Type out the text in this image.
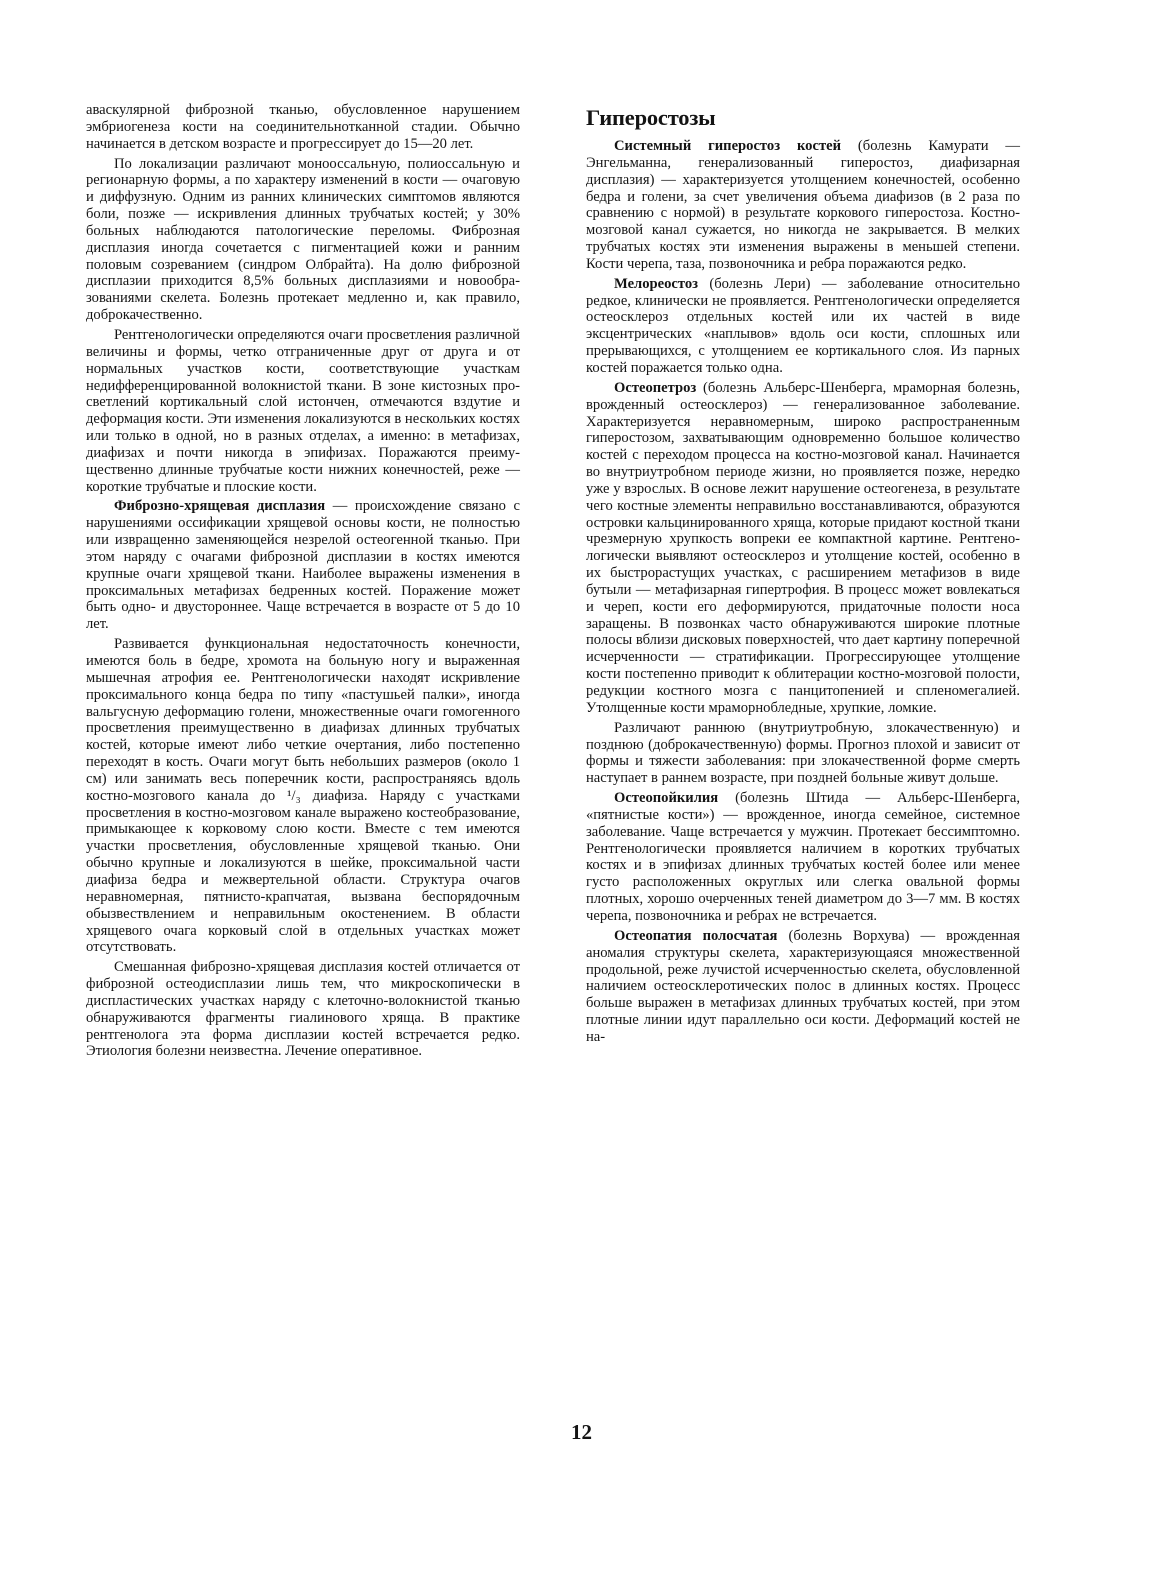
аваскулярной фиброзной тканью, обусловленное нарушением эмбриогенеза кости на соединительнотканной стадии. Обычно начинается в детском возрасте и прогрессирует до 15—20 лет.

По локализации различают монооссальную, полиоссальную и регионарную формы, а по характеру изменений в кости — очаговую и диффузную. Одним из ранних клинических симптомов являются боли, позже — искривления длинных трубчатых костей; у 30% больных наблюдаются патологические переломы. Фиброзная дисплазия иногда сочетается с пигментацией кожи и ранним половым созреванием (синдром Олбрайта). На долю фиброзной дисплазии приходится 8,5% больных дисплазиями и новообразованиями скелета. Болезнь протекает медленно и, как правило, доброкачественно.

Рентгенологически определяются очаги просветления различной величины и формы, четко отграниченные друг от друга и от нормальных участков кости, соответствующие участкам недифференцированной волокнистой ткани. В зоне кистозных просветлений кортикальный слой истончен, отмечаются вздутие и деформация кости. Эти изменения локализуются в нескольких костях или только в одной, но в разных отделах, а именно: в метафизах, диафизах и почти никогда в эпифизах. Поражаются преимущественно длинные трубчатые кости нижних конечностей, реже — короткие трубчатые и плоские кости.

Фиброзно-хрящевая дисплазия — происхождение связано с нарушениями оссификации хрящевой основы кости, не полностью или извращенно заменяющейся незрелой остеогенной тканью. При этом наряду с очагами фиброзной дисплазии в костях имеются крупные очаги хрящевой ткани. Наиболее выражены изменения в проксимальных метафизах бедренных костей. Поражение может быть одно- и двустороннее. Чаще встречается в возрасте от 5 до 10 лет.

Развивается функциональная недостаточность конечности, имеются боль в бедре, хромота на больную ногу и выраженная мышечная атрофия ее. Рентгенологически находят искривление проксимального конца бедра по типу «пастушьей палки», иногда вальгусную деформацию голени, множественные очаги гомогенного просветления преимущественно в диафизах длинных трубчатых костей, которые имеют либо четкие очертания, либо постепенно переходят в кость. Очаги могут быть небольших размеров (около 1 см) или занимать весь поперечник кости, распространяясь вдоль костно-мозгового канала до ¹/₃ диафиза. Наряду с участками просветления в костно-мозговом канале выражено костеобразование, примыкающее к корковому слою кости. Вместе с тем имеются участки просветления, обусловленные хрящевой тканью. Они обычно крупные и локализуются в шейке, проксимальной части диафиза бедра и межвертельной области. Структура очагов неравномерная, пятнисто-крапчатая, вызвана беспорядочным обызвествлением и неправильным окостенением. В области хрящевого очага корковый слой в отдельных участках может отсутствовать.

Смешанная фиброзно-хрящевая дисплазия костей отличается от фиброзной остеодисплазии лишь тем, что микроскопически в диспластических участках наряду с клеточно-волокнистой тканью обнаруживаются фрагменты гиалинового хряща. В практике рентгенолога эта форма дисплазии костей встречается редко. Этиология болезни неизвестна. Лечение оперативное.

Гиперостозы

Системный гиперостоз костей (болезнь Камурати — Энгельманна, генерализованный гиперостоз, диафизарная дисплазия) — характеризуется утолщением конечностей, особенно бедра и голени, за счет увеличения объема диафизов (в 2 раза по сравнению с нормой) в результате коркового гиперостоза. Костно-мозговой канал сужается, но никогда не закрывается. В мелких трубчатых костях эти изменения выражены в меньшей степени. Кости черепа, таза, позвоночника и ребра поражаются редко.

Мелореостоз (болезнь Лери) — заболевание относительно редкое, клинически не проявляется. Рентгенологически определяется остеосклероз отдельных костей или их частей в виде эксцентрических «наплывов» вдоль оси кости, сплошных или прерывающихся, с утолщением ее кортикального слоя. Из парных костей поражается только одна.

Остеопетроз (болезнь Альберс-Шенберга, мраморная болезнь, врожденный остеосклероз) — генерализованное заболевание. Характеризуется неравномерным, широко распространенным гиперостозом, захватывающим одновременно большое количество костей с переходом процесса на костно-мозговой канал. Начинается во внутриутробном периоде жизни, но проявляется позже, нередко уже у взрослых. В основе лежит нарушение остеогенеза, в результате чего костные элементы неправильно восстанавливаются, образуются островки кальцинированного хряща, которые придают костной ткани чрезмерную хрупкость вопреки ее компактной картине. Рентгенологически выявляют остеосклероз и утолщение костей, особенно в их быстрорастущих участках, с расширением метафизов в виде бутыли — метафизарная гипертрофия. В процесс может вовлекаться и череп, кости его деформируются, придаточные полости носа заращены. В позвонках часто обнаруживаются широкие плотные полосы вблизи дисковых поверхностей, что дает картину поперечной исчерченности — стратификации. Прогрессирующее утолщение кости постепенно приводит к облитерации костно-мозговой полости, редукции костного мозга с панцитопенией и спленомегалией. Утолщенные кости мраморнобледные, хрупкие, ломкие.

Различают раннюю (внутриутробную, злокачественную) и позднюю (доброкачественную) формы. Прогноз плохой и зависит от формы и тяжести заболевания: при злокачественной форме смерть наступает в раннем возрасте, при поздней больные живут дольше.

Остеопойкилия (болезнь Штида — Альберс-Шенберга, «пятнистые кости») — врожденное, иногда семейное, системное заболевание. Чаще встречается у мужчин. Протекает бессимптомно. Рентгенологически проявляется наличием в коротких трубчатых костях и в эпифизах длинных трубчатых костей более или менее густо расположенных округлых или слегка овальной формы плотных, хорошо очерченных теней диаметром до 3—7 мм. В костях черепа, позвоночника и ребрах не встречается.

Остеопатия полосчатая (болезнь Ворхува) — врожденная аномалия структуры скелета, характеризующаяся множественной продольной, реже лучистой исчерченностью скелета, обусловленной наличием остеосклеротических полос в длинных костях. Процесс больше выражен в метафизах длинных трубчатых костей, при этом плотные линии идут параллельно оси кости. Деформаций костей не на-

12
